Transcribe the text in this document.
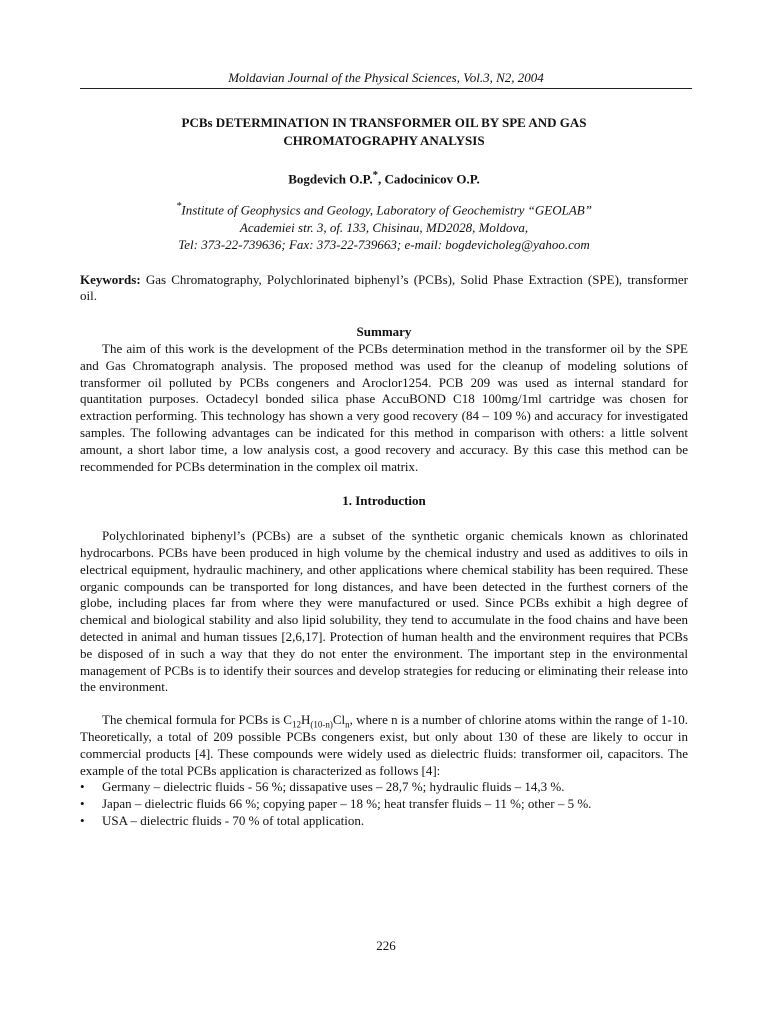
Moldavian Journal of the Physical Sciences, Vol.3, N2, 2004
PCBs DETERMINATION IN TRANSFORMER OIL BY SPE AND GAS
CHROMATOGRAPHY ANALYSIS
Bogdevich O.P.*, Cadocinicov O.P.
*Institute of Geophysics and Geology, Laboratory of Geochemistry “GEOLAB”
Academiei str. 3, of. 133, Chisinau, MD2028, Moldova,
Tel: 373-22-739636; Fax: 373-22-739663; e-mail: bogdevicholeg@yahoo.com
Keywords: Gas Chromatography, Polychlorinated biphenyl’s (PCBs), Solid Phase Extraction (SPE), transformer oil.
Summary

The aim of this work is the development of the PCBs determination method in the transformer oil by the SPE and Gas Chromatograph analysis. The proposed method was used for the cleanup of modeling solutions of transformer oil polluted by PCBs congeners and Aroclor1254. PCB 209 was used as internal standard for quantitation purposes. Octadecyl bonded silica phase AccuBOND C18 100mg/1ml cartridge was chosen for extraction performing. This technology has shown a very good recovery (84 – 109 %) and accuracy for investigated samples. The following advantages can be indicated for this method in comparison with others: a little solvent amount, a short labor time, a low analysis cost, a good recovery and accuracy. By this case this method can be recommended for PCBs determination in the complex oil matrix.

1. Introduction

Polychlorinated biphenyl’s (PCBs) are a subset of the synthetic organic chemicals known as chlorinated hydrocarbons. PCBs have been produced in high volume by the chemical industry and used as additives to oils in electrical equipment, hydraulic machinery, and other applications where chemical stability has been required. These organic compounds can be transported for long distances, and have been detected in the furthest corners of the globe, including places far from where they were manufactured or used. Since PCBs exhibit a high degree of chemical and biological stability and also lipid solubility, they tend to accumulate in the food chains and have been detected in animal and human tissues [2,6,17]. Protection of human health and the environment requires that PCBs be disposed of in such a way that they do not enter the environment. The important step in the environmental management of PCBs is to identify their sources and develop strategies for reducing or eliminating their release into the environment.

The chemical formula for PCBs is $C_{12}H_{(10-n)}Cl_n$, where n is a number of chlorine atoms within the range of 1-10. Theoretically, a total of 209 possible PCBs congeners exist, but only about 130 of these are likely to occur in commercial products [4]. These compounds were widely used as dielectric fluids: transformer oil, capacitors. The example of the total PCBs application is characterized as follows [4]:

• Germany – dielectric fluids - 56 %; dissapative uses – 28,7 %; hydraulic fluids – 14,3 %.
• Japan – dielectric fluids 66 %; copying paper – 18 %; heat transfer fluids – 11 %; other – 5 %.
• USA – dielectric fluids - 70 % of total application.
226
